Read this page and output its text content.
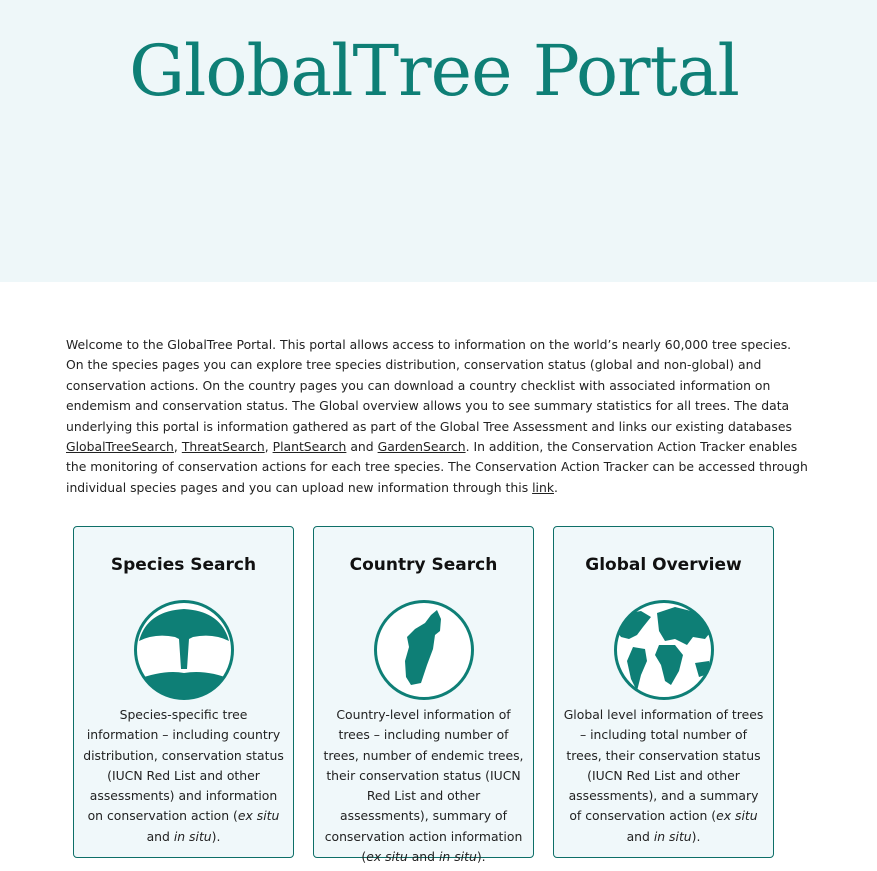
GlobalTree Portal

Welcome to the GlobalTree Portal. This portal allows access to information on the world’s nearly 60,000 tree species. On the species pages you can explore tree species distribution, conservation status (global and non-global) and conservation actions. On the country pages you can download a country checklist with associated information on endemism and conservation status. The Global overview allows you to see summary statistics for all trees. The data underlying this portal is information gathered as part of the Global Tree Assessment and links our existing databases GlobalTreeSearch, ThreatSearch, PlantSearch and GardenSearch. In addition, the Conservation Action Tracker enables the monitoring of conservation actions for each tree species. The Conservation Action Tracker can be accessed through individual species pages and you can upload new information through this link.

Species Search

Species-specific tree information – including country distribution, conservation status (IUCN Red List and other assessments) and information on conservation action (ex situ and in situ).

Country Search

Country-level information of trees – including number of trees, number of endemic trees, their conservation status (IUCN Red List and other assessments), summary of conservation action information (ex situ and in situ).

Global Overview

Global level information of trees – including total number of trees, their conservation status (IUCN Red List and other assessments), and a summary of conservation action (ex situ and in situ).
